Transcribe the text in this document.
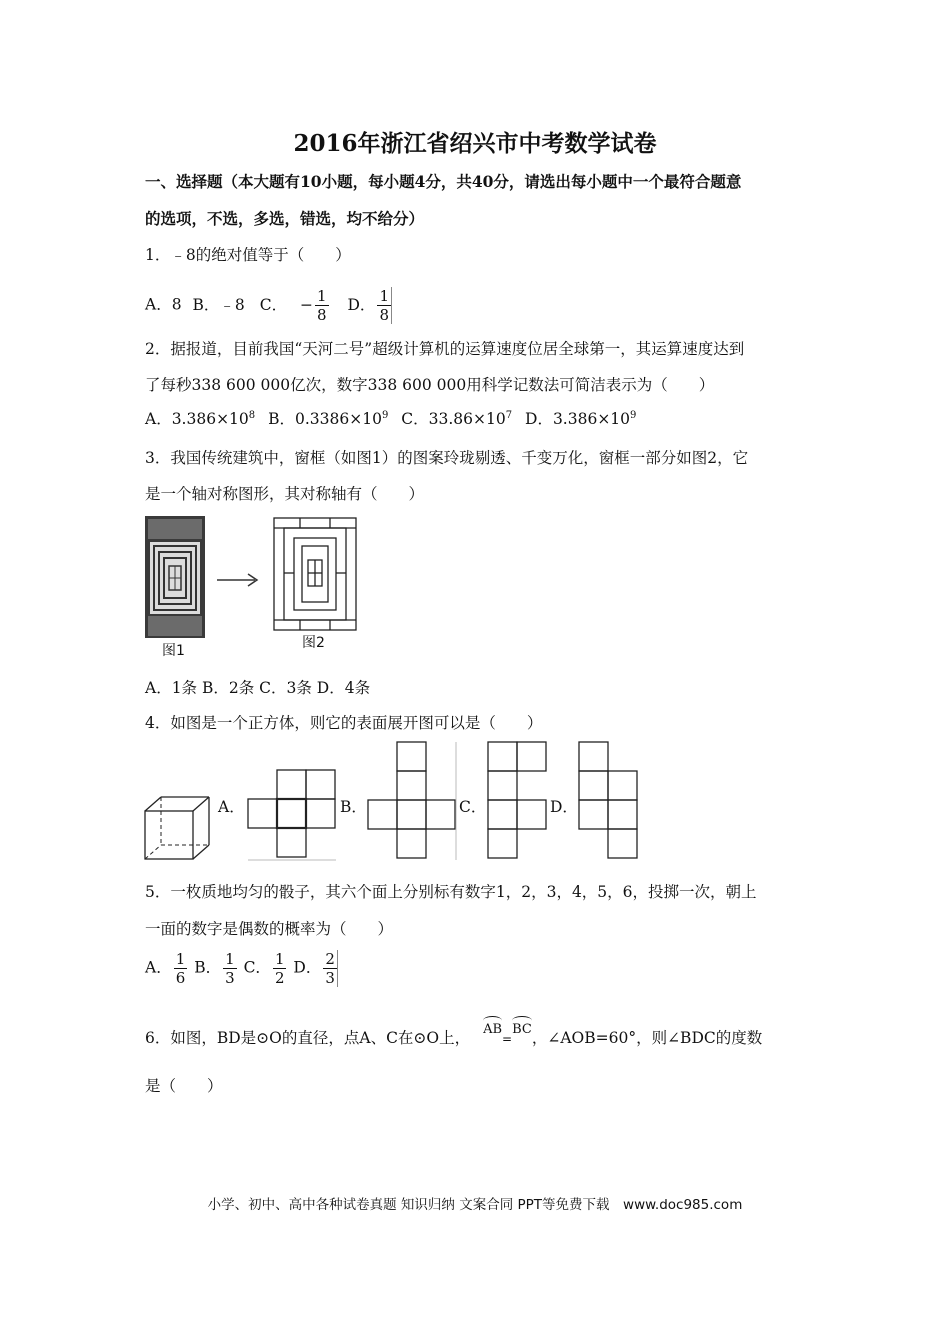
2016年浙江省绍兴市中考数学试卷
一、选择题（本大题有10小题，每小题4分，共40分，请选出每小题中一个最符合题意
的选项，不选，多选，错选，均不给分）
1．﹣8的绝对值等于（　　）
A．8 B．﹣8 C． − $\frac{1}{8}$ D． $\frac{1}{8}$
2．据报道，目前我国“天河二号”超级计算机的运算速度位居全球第一，其运算速度达到
了每秒338 600 000亿次，数字338 600 000用科学记数法可简洁表示为（　　）
A．$3.386\times 10^8$ B．$0.3386\times 10^9$ C．$33.86\times 10^7$ D．$3.386\times 10^9$
3．我国传统建筑中，窗框（如图1）的图案玲珑剔透、千变万化，窗框一部分如图2，它
是一个轴对称图形，其对称轴有（　　）
图1	图2
A．1条 B．2条 C．3条 D．4条
4．如图是一个正方体，则它的表面展开图可以是（　　）
A．	B．	C．	D．
5．一枚质地均匀的骰子，其六个面上分别标有数字1，2，3，4，5，6，投掷一次，朝上
一面的数字是偶数的概率为（　　）
A． $\frac{1}{6}$ B． $\frac{1}{3}$ C． $\frac{1}{2}$ D． $\frac{2}{3}$
6．如图，BD是⊙O的直径，点A、C在⊙O上， AB=BC，∠AOB=60°，则∠BDC的度数
是（　　）
小学、初中、高中各种试卷真题 知识归纳 文案合同 PPT等免费下载　www.doc985.com
